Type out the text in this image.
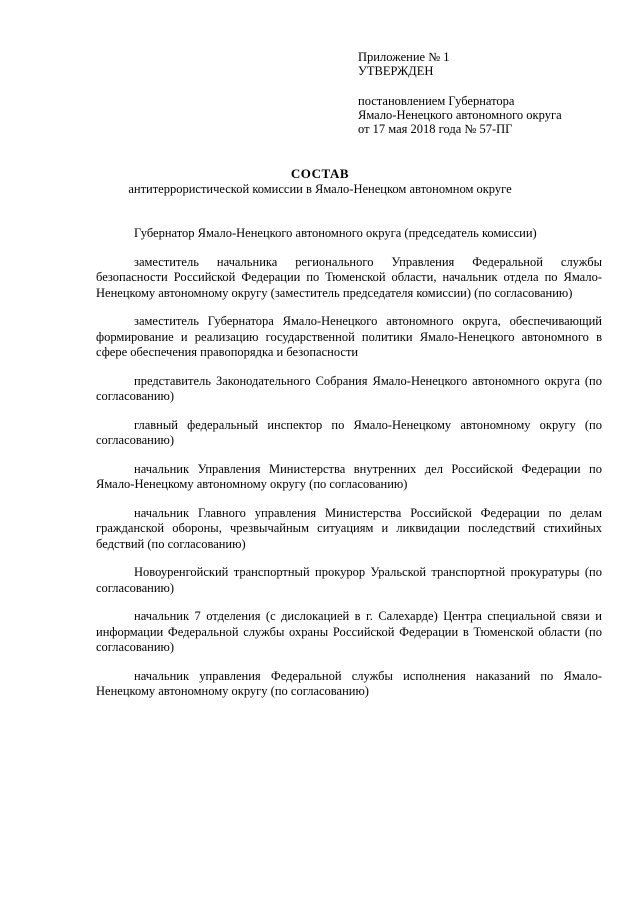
Приложение № 1
УТВЕРЖДЕН
постановлением Губернатора
Ямало-Ненецкого автономного округа
от 17 мая 2018 года № 57-ПГ
СОСТАВ
антитеррористической комиссии в Ямало-Ненецком автономном округе

Губернатор Ямало-Ненецкого автономного округа (председатель комиссии)

заместитель начальника регионального Управления Федеральной службы безопасности Российской Федерации по Тюменской области, начальник отдела по Ямало-Ненецкому автономному округу (заместитель председателя комиссии) (по согласованию)

заместитель Губернатора Ямало-Ненецкого автономного округа, обеспечивающий формирование и реализацию государственной политики Ямало-Ненецкого автономного в сфере обеспечения правопорядка и безопасности

представитель Законодательного Собрания Ямало-Ненецкого автономного округа (по согласованию)

главный федеральный инспектор по Ямало-Ненецкому автономному округу (по согласованию)

начальник Управления Министерства внутренних дел Российской Федерации по Ямало-Ненецкому автономному округу (по согласованию)

начальник Главного управления Министерства Российской Федерации по делам гражданской обороны, чрезвычайным ситуациям и ликвидации последствий стихийных бедствий (по согласованию)

Новоуренгойский транспортный прокурор Уральской транспортной прокуратуры (по согласованию)

начальник 7 отделения (с дислокацией в г. Салехарде) Центра специальной связи и информации Федеральной службы охраны Российской Федерации в Тюменской области (по согласованию)

начальник управления Федеральной службы исполнения наказаний по Ямало-Ненецкому автономному округу (по согласованию)
